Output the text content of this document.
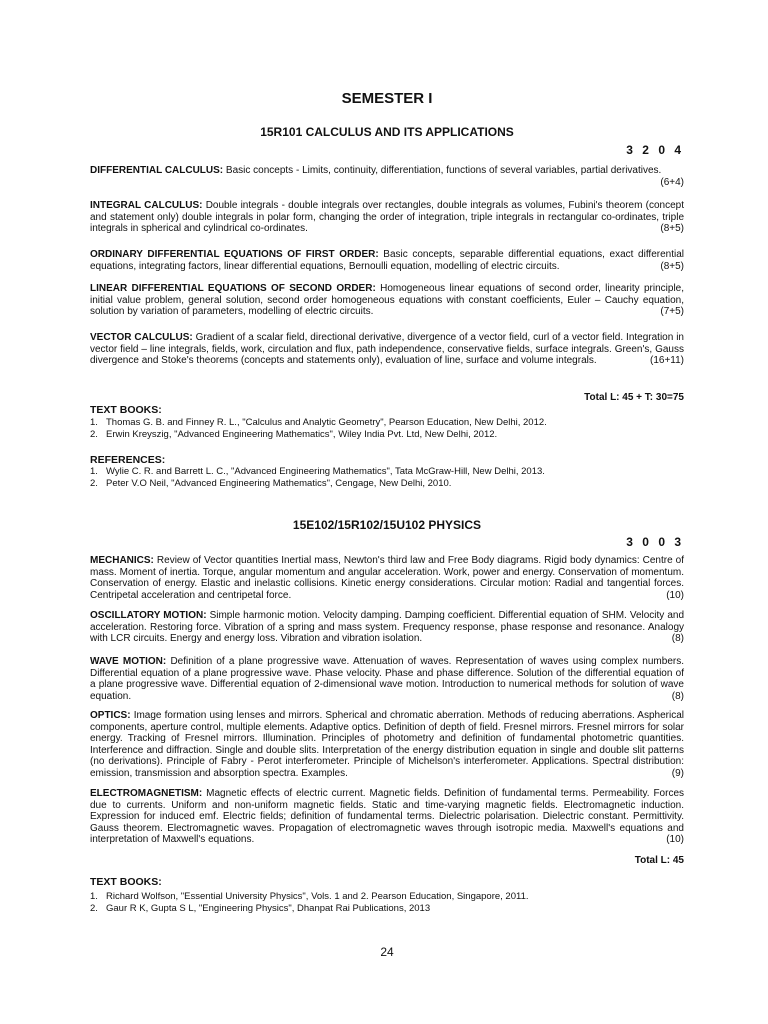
SEMESTER I
15R101 CALCULUS AND ITS APPLICATIONS
3 2 0 4
DIFFERENTIAL CALCULUS: Basic concepts - Limits, continuity, differentiation, functions of several variables, partial derivatives.
(6+4)
INTEGRAL CALCULUS: Double integrals - double integrals over rectangles, double integrals as volumes, Fubini's theorem (concept and statement only) double integrals in polar form, changing the order of integration, triple integrals in rectangular co-ordinates, triple integrals in spherical and cylindrical co-ordinates.	(8+5)
ORDINARY DIFFERENTIAL EQUATIONS OF FIRST ORDER: Basic concepts, separable differential equations, exact differential equations, integrating factors, linear differential equations, Bernoulli equation, modelling of electric circuits.	(8+5)
LINEAR DIFFERENTIAL EQUATIONS OF SECOND ORDER: Homogeneous linear equations of second order, linearity principle, initial value problem, general solution, second order homogeneous equations with constant coefficients, Euler – Cauchy equation, solution by variation of parameters, modelling of electric circuits.	(7+5)
VECTOR CALCULUS: Gradient of a scalar field, directional derivative, divergence of a vector field, curl of a vector field. Integration in vector field – line integrals, fields, work, circulation and flux, path independence, conservative fields, surface integrals. Green's, Gauss divergence and Stoke's theorems (concepts and statements only), evaluation of line, surface and volume integrals.	(16+11)
Total L: 45 + T: 30=75
TEXT BOOKS:
1. Thomas G. B. and Finney R. L., "Calculus and Analytic Geometry", Pearson Education, New Delhi, 2012.
2. Erwin Kreyszig, "Advanced Engineering Mathematics", Wiley India Pvt. Ltd, New Delhi, 2012.
REFERENCES:
1. Wylie C. R. and Barrett L. C., "Advanced Engineering Mathematics", Tata McGraw-Hill, New Delhi, 2013.
2. Peter V.O Neil, "Advanced Engineering Mathematics", Cengage, New Delhi, 2010.
15E102/15R102/15U102 PHYSICS
3 0 0 3
MECHANICS: Review of Vector quantities Inertial mass, Newton's third law and Free Body diagrams. Rigid body dynamics: Centre of mass. Moment of inertia. Torque, angular momentum and angular acceleration. Work, power and energy. Conservation of momentum. Conservation of energy. Elastic and inelastic collisions. Kinetic energy considerations. Circular motion: Radial and tangential forces. Centripetal acceleration and centripetal force.	(10)
OSCILLATORY MOTION: Simple harmonic motion. Velocity damping. Damping coefficient. Differential equation of SHM. Velocity and acceleration. Restoring force. Vibration of a spring and mass system. Frequency response, phase response and resonance. Analogy with LCR circuits. Energy and energy loss. Vibration and vibration isolation.	(8)
WAVE MOTION: Definition of a plane progressive wave. Attenuation of waves. Representation of waves using complex numbers. Differential equation of a plane progressive wave. Phase velocity. Phase and phase difference. Solution of the differential equation of a plane progressive wave. Differential equation of 2-dimensional wave motion. Introduction to numerical methods for solution of wave equation.	(8)
OPTICS: Image formation using lenses and mirrors. Spherical and chromatic aberration. Methods of reducing aberrations. Aspherical components, aperture control, multiple elements. Adaptive optics. Definition of depth of field. Fresnel mirrors. Fresnel mirrors for solar energy. Tracking of Fresnel mirrors. Illumination. Principles of photometry and definition of fundamental photometric quantities. Interference and diffraction. Single and double slits. Interpretation of the energy distribution equation in single and double slit patterns (no derivations). Principle of Fabry - Perot interferometer. Principle of Michelson's interferometer. Applications. Spectral distribution: emission, transmission and absorption spectra. Examples.	(9)
ELECTROMAGNETISM: Magnetic effects of electric current. Magnetic fields. Definition of fundamental terms. Permeability. Forces due to currents. Uniform and non-uniform magnetic fields. Static and time-varying magnetic fields. Electromagnetic induction. Expression for induced emf. Electric fields; definition of fundamental terms. Dielectric polarisation. Dielectric constant. Permittivity. Gauss theorem. Electromagnetic waves. Propagation of electromagnetic waves through isotropic media. Maxwell's equations and interpretation of Maxwell's equations.	(10)
Total L: 45
TEXT BOOKS:
1. Richard Wolfson, "Essential University Physics", Vols. 1 and 2. Pearson Education, Singapore, 2011.
2. Gaur R K, Gupta S L, "Engineering Physics", Dhanpat Rai Publications, 2013
24
